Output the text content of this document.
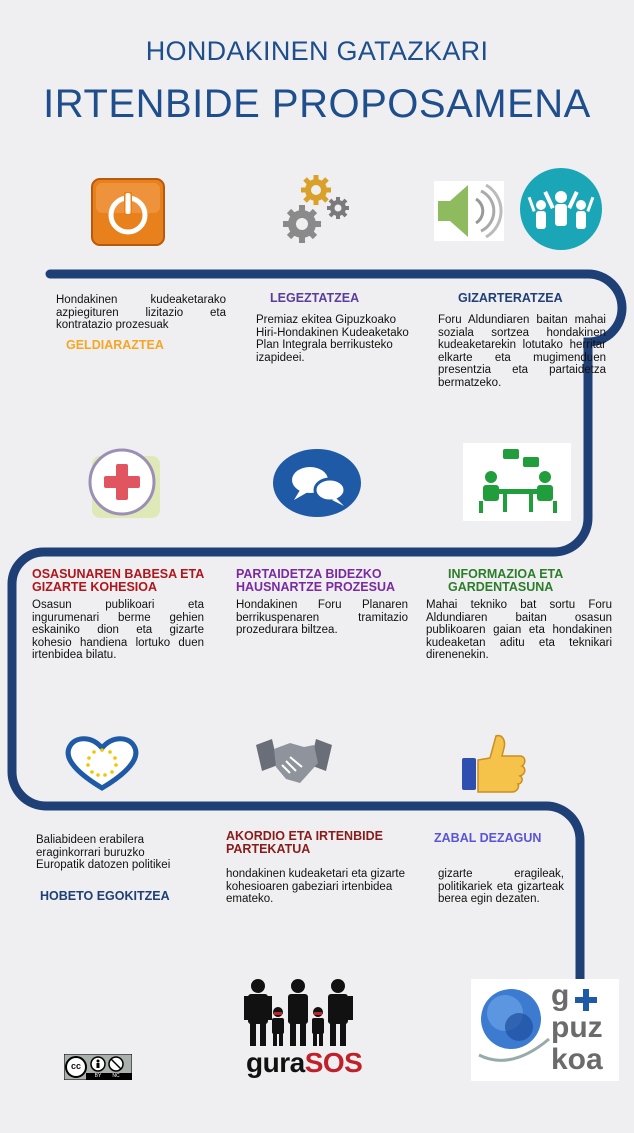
HONDAKINEN GATAZKARI
IRTENBIDE PROPOSAMENA
Hondakinen kudeaketarako azpiegituren lizitazio eta kontratazio prozesuak
GELDIARAZTEA
LEGEZTATZEA
Premiaz ekitea Gipuzkoako Hiri-Hondakinen Kudeaketako Plan Integrala berrikusteko izapideei.
GIZARTERATZEA
Foru Aldundiaren baitan mahai soziala sortzea hondakinen kudeaketarekin lotutako herritar elkarte eta mugimenduen presentzia eta partaidetza bermatzeko.
OSASUNAREN BABESA ETA GIZARTE KOHESIOA
Osasun publikoari eta ingurumenari berme gehien eskainiko dion eta gizarte kohesio handiena lortuko duen irtenbidea bilatu.
PARTAIDETZA BIDEZKO HAUSNARTZE PROZESUA
Hondakinen Foru Planaren berrikuspenaren tramitazio prozedurara biltzea.
INFORMAZIOA ETA GARDENTASUNA
Mahai tekniko bat sortu Foru Aldundiaren baitan osasun publikoaren gaian eta hondakinen kudeaketan aditu eta teknikari direnenekin.
Baliabideen erabilera eraginkorrari buruzko Europatik datozen politikei
HOBETO EGOKITZEA
AKORDIO ETA IRTENBIDE PARTEKATUA
hondakinen kudeaketari eta gizarte kohesioaren gabeziari irtenbidea emateko.
ZABAL DEZAGUN
gizarte eragileak, politikariek eta gizarteak berea egin dezaten.
guraSOS
g
puz
koa
cc
BY	NC
